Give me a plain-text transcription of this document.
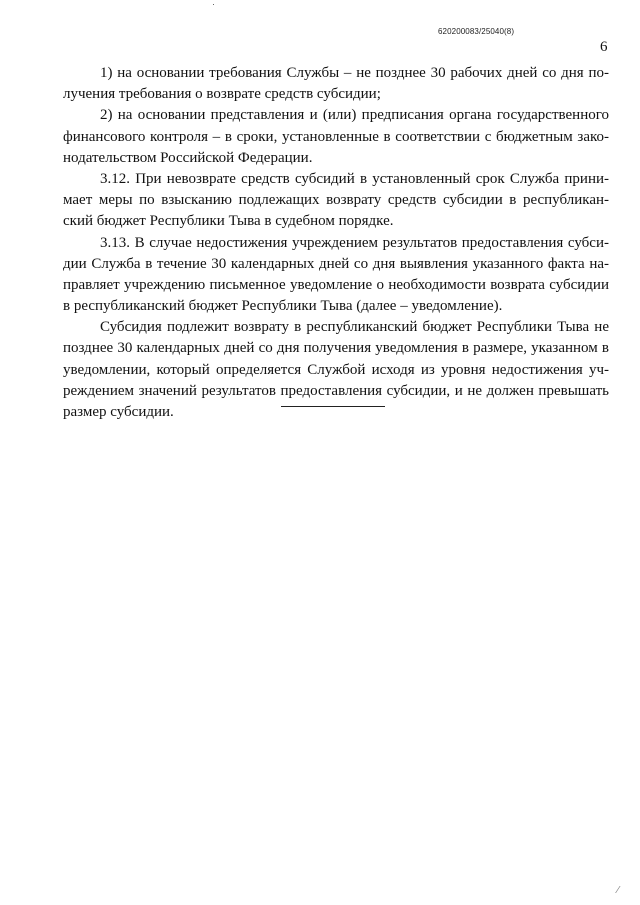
620200083/25040(8)
6
1) на основании требования Службы – не позднее 30 рабочих дней со дня по-
лучения требования о возврате средств субсидии;
2) на основании представления и (или) предписания органа государственного
финансового контроля – в сроки, установленные в соответствии с бюджетным зако-
нодательством Российской Федерации.
3.12. При невозврате средств субсидий в установленный срок Служба прини-
мает меры по взысканию подлежащих возврату средств субсидии в республикан-
ский бюджет Республики Тыва в судебном порядке.
3.13. В случае недостижения учреждением результатов предоставления субси-
дии Служба в течение 30 календарных дней со дня выявления указанного факта на-
правляет учреждению письменное уведомление о необходимости возврата субсидии
в республиканский бюджет Республики Тыва (далее – уведомление).
Субсидия подлежит возврату в республиканский бюджет Республики Тыва не
позднее 30 календарных дней со дня получения уведомления в размере, указанном в
уведомлении, который определяется Службой исходя из уровня недостижения уч-
реждением значений результатов предоставления субсидии, и не должен превышать
размер субсидии.
⁄
